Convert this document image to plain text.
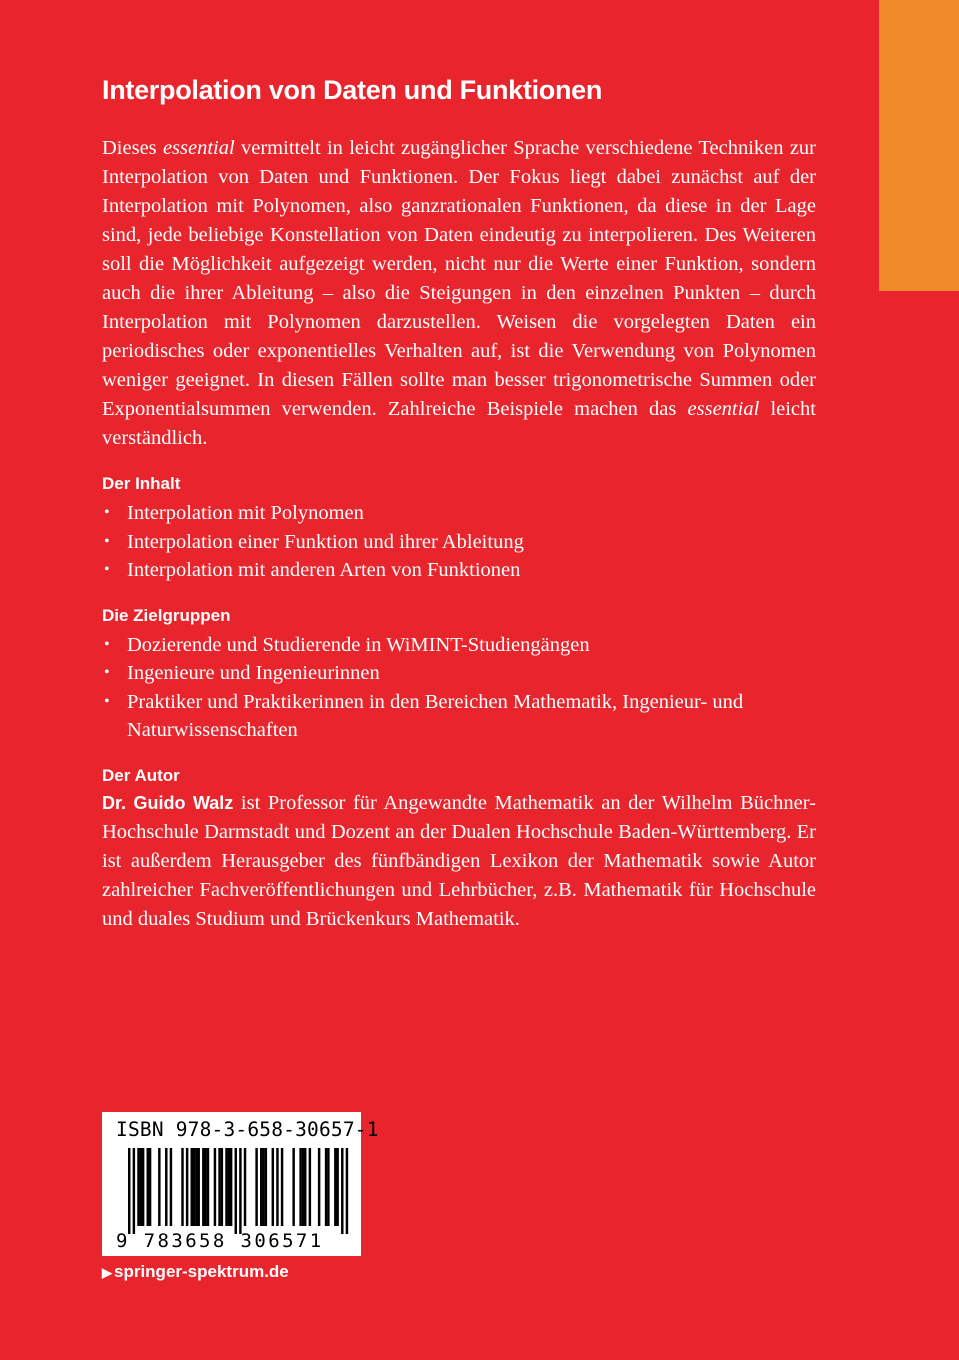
Interpolation von Daten und Funktionen

Dieses essential vermittelt in leicht zugänglicher Sprache verschiedene Techniken zur Interpolation von Daten und Funktionen. Der Fokus liegt dabei zunächst auf der Interpolation mit Polynomen, also ganzrationalen Funktionen, da diese in der Lage sind, jede beliebige Konstellation von Daten eindeutig zu interpolieren. Des Weiteren soll die Möglichkeit aufgezeigt werden, nicht nur die Werte einer Funktion, sondern auch die ihrer Ableitung – also die Steigungen in den einzelnen Punkten – durch Interpolation mit Polynomen darzustellen. Weisen die vorgelegten Daten ein periodisches oder exponentielles Verhalten auf, ist die Verwendung von Polynomen weniger geeignet. In diesen Fällen sollte man besser trigonometrische Summen oder Exponentialsummen verwenden. Zahlreiche Beispiele machen das essential leicht verständlich.

Der Inhalt
• Interpolation mit Polynomen
• Interpolation einer Funktion und ihrer Ableitung
• Interpolation mit anderen Arten von Funktionen
Die Zielgruppen
• Dozierende und Studierende in WiMINT-Studiengängen
• Ingenieure und Ingenieurinnen
• Praktiker und Praktikerinnen in den Bereichen Mathematik, Ingenieur- und Naturwissenschaften
Der Autor

Dr. Guido Walz ist Professor für Angewandte Mathematik an der Wilhelm Büchner-Hochschule Darmstadt und Dozent an der Dualen Hochschule Baden-Württemberg. Er ist außerdem Herausgeber des fünfbändigen Lexikon der Mathematik sowie Autor zahlreicher Fachveröffentlichungen und Lehrbücher, z.B. Mathematik für Hochschule und duales Studium und Brückenkurs Mathematik.

ISBN 978-3-658-30657-1
9 783658 306571
▶ springer-spektrum.de
